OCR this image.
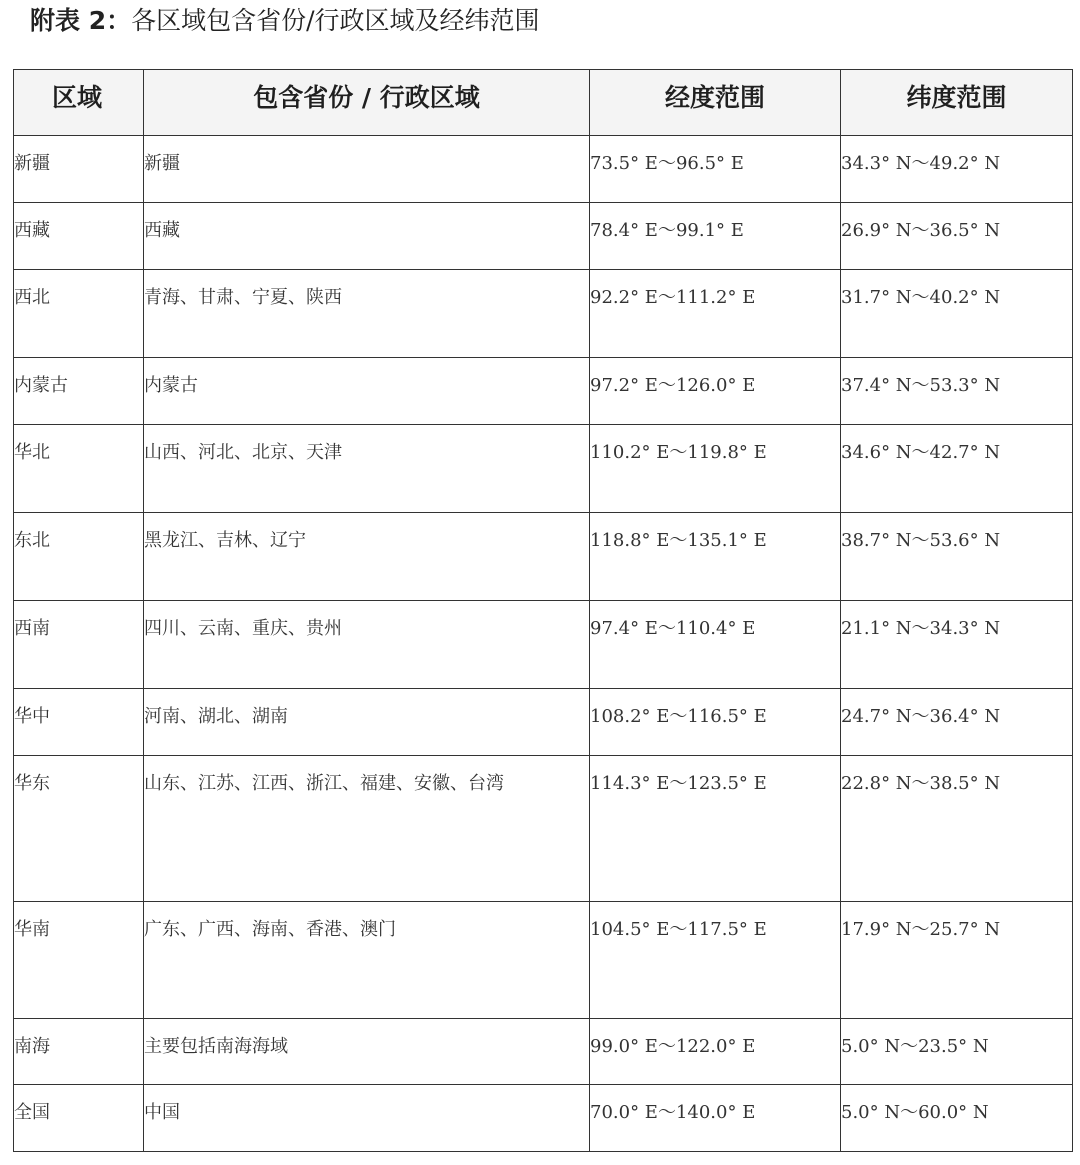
附表 2：各区域包含省份/行政区域及经纬范围
区域	包含省份 / 行政区域	经度范围	纬度范围
新疆	新疆	73.5° E～96.5° E	34.3° N～49.2° N
西藏	西藏	78.4° E～99.1° E	26.9° N～36.5° N
西北	青海、甘肃、宁夏、陕西	92.2° E～111.2° E	31.7° N～40.2° N
内蒙古	内蒙古	97.2° E～126.0° E	37.4° N～53.3° N
华北	山西、河北、北京、天津	110.2° E～119.8° E	34.6° N～42.7° N
东北	黑龙江、吉林、辽宁	118.8° E～135.1° E	38.7° N～53.6° N
西南	四川、云南、重庆、贵州	97.4° E～110.4° E	21.1° N～34.3° N
华中	河南、湖北、湖南	108.2° E～116.5° E	24.7° N～36.4° N
华东	山东、江苏、江西、浙江、福建、安徽、台湾	114.3° E～123.5° E	22.8° N～38.5° N
华南	广东、广西、海南、香港、澳门	104.5° E～117.5° E	17.9° N～25.7° N
南海	主要包括南海海域	99.0° E～122.0° E	5.0° N～23.5° N
全国	中国	70.0° E～140.0° E	5.0° N～60.0° N
